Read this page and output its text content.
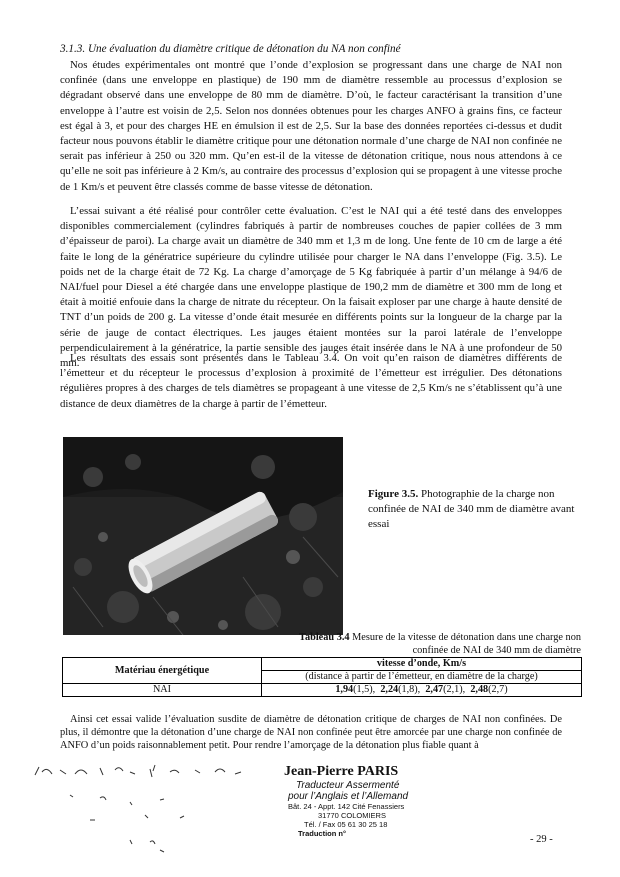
3.1.3. Une évaluation du diamètre critique de détonation du NA non confiné

Nos études expérimentales ont montré que l’onde d’explosion se progressant dans une charge de NAI non confinée (dans une enveloppe en plastique) de 190 mm de diamètre ressemble au processus d’explosion se dégradant observé dans une enveloppe de 80 mm de diamètre. D’où, le facteur caractérisant la transition d’une enveloppe à l’autre est voisin de 2,5. Selon nos données obtenues pour les charges ANFO à grains fins, ce facteur est égal à 3, et pour des charges HE en émulsion il est de 2,5. Sur la base des données reportées ci-dessus et dudit facteur nous pouvons établir le diamètre critique pour une détonation normale d’une charge de NAI non confinée ne serait pas inférieur à 250 ou 320 mm. Qu’en est-il de la vitesse de détonation critique, nous nous attendons à ce qu’elle ne soit pas inférieure à 2 Km/s, au contraire des processus d’explosion qui se propagent à une vitesse proche de 1 Km/s et peuvent être classés comme de basse vitesse de détonation.

L’essai suivant a été réalisé pour contrôler cette évaluation. C’est le NAI qui a été testé dans des enveloppes disponibles commercialement (cylindres fabriqués à partir de nombreuses couches de papier collées de 3 mm d’épaisseur de paroi). La charge avait un diamètre de 340 mm et 1,3 m de long. Une fente de 10 cm de large a été faite le long de la génératrice supérieure du cylindre utilisée pour charger le NA dans l’enveloppe (Fig. 3.5). Le poids net de la charge était de 72 Kg. La charge d’amorçage de 5 Kg fabriquée à partir d’un mélange à 94/6 de NAI/fuel pour Diesel a été chargée dans une enveloppe plastique de 190,2 mm de diamètre et 300 mm de long et était à moitié enfouie dans la charge de nitrate du récepteur. On la faisait exploser par une charge à haute densité de TNT d’un poids de 200 g. La vitesse d’onde était mesurée en différents points sur la longueur de la charge par la série de jauge de contact électriques. Les jauges étaient montées sur la paroi latérale de l’enveloppe perpendiculairement à la génératrice, la partie sensible des jauges était insérée dans le NA à une profondeur de 50 mm.

Les résultats des essais sont présentés dans le Tableau 3.4. On voit qu’en raison de diamètres différents de l’émetteur et du récepteur le processus d’explosion à proximité de l’émetteur est irrégulier. Des détonations régulières propres à des charges de tels diamètres se propageant à une vitesse de 2,5 Km/s ne s’établissent qu’à une distance de deux diamètres de la charge à partir de l’émetteur.

Figure 3.5. Photographie de la charge non confinée de NAI de 340 mm de diamètre avant essai
Tableau 3.4 Mesure de la vitesse de détonation dans une charge non confinée de NAI de 340 mm de diamètre
Matériau énergétique	vitesse d’onde, Km/s
	(distance à partir de l’émetteur, en diamètre de la charge)
NAI	1,94(1,5),  2,24(1,8),  2,47(2,1),  2,48(2,7)

Ainsi cet essai valide l’évaluation susdite de diamètre de détonation critique de charges de NAI non confinées. De plus, il démontre que la détonation d’une charge de NAI non confinée peut être amorcée par une charge non confinée de ANFO d’un poids raisonnablement petit. Pour rendre l’amorçage de la détonation plus fiable quant à

Jean-Pierre PARIS
Traducteur Assermenté
pour l’Anglais et l’Allemand
Bât. 24 - Appt. 142 Cité Fenassiers
31770 COLOMIERS
Tél. / Fax 05 61 30 25 18
Traduction n°
- 29 -
